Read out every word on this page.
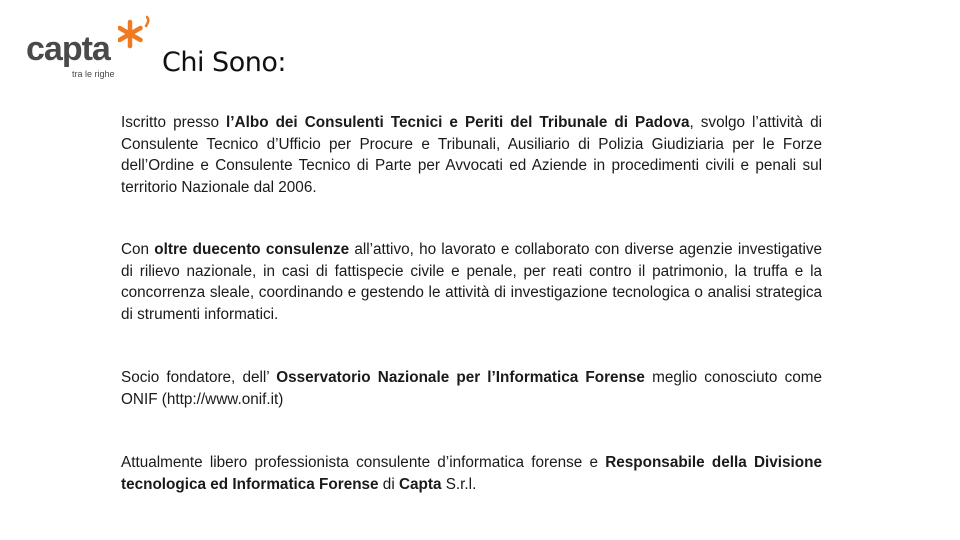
capta
tra le righe Chi Sono:

Iscritto presso l’Albo dei Consulenti Tecnici e Periti del Tribunale di Padova, svolgo l’attività di Consulente Tecnico d’Ufficio per Procure e Tribunali, Ausiliario di Polizia Giudiziaria per le Forze dell’Ordine e Consulente Tecnico di Parte per Avvocati ed Aziende in procedimenti civili e penali sul territorio Nazionale dal 2006.

Con oltre duecento consulenze all’attivo, ho lavorato e collaborato con diverse agenzie investigative di rilievo nazionale, in casi di fattispecie civile e penale, per reati contro il patrimonio, la truffa e la concorrenza sleale, coordinando e gestendo le attività di investigazione tecnologica o analisi strategica di strumenti informatici.

Socio fondatore, dell’ Osservatorio Nazionale per l’Informatica Forense meglio conosciuto come ONIF (http://www.onif.it)

Attualmente libero professionista consulente d’informatica forense e Responsabile della Divisione tecnologica ed Informatica Forense di Capta S.r.l.
